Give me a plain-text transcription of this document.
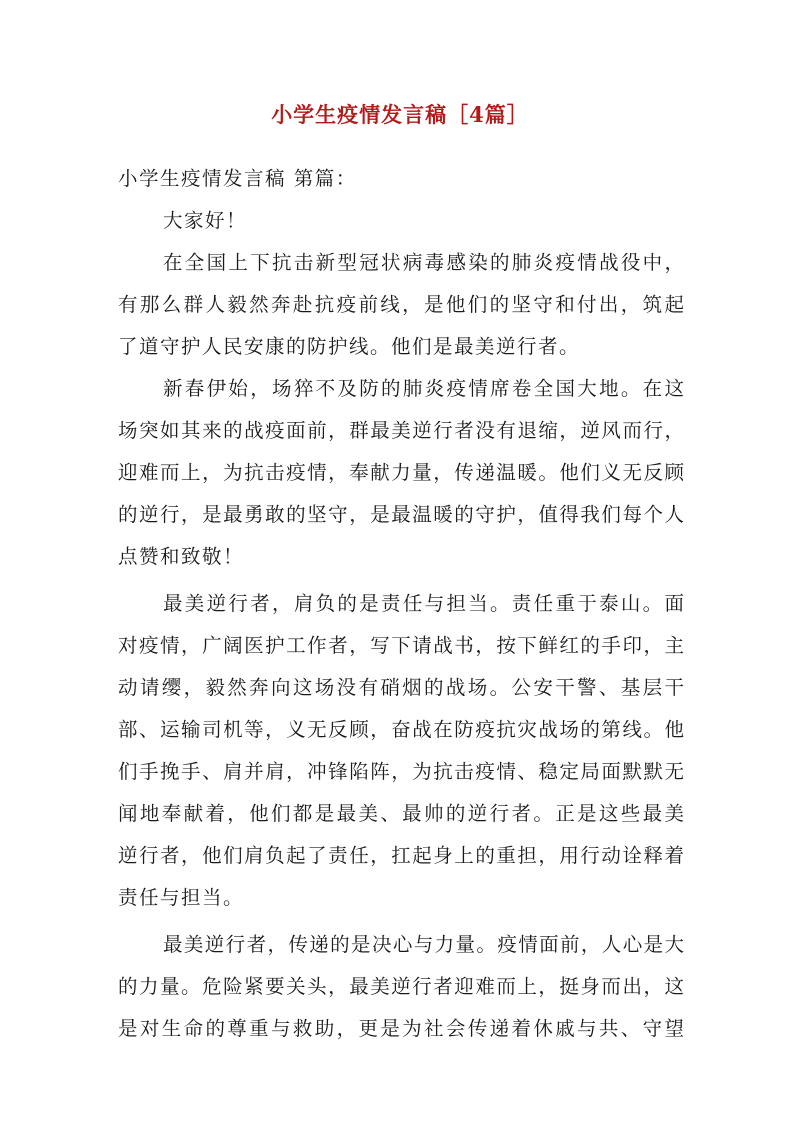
小学生疫情发言稿［4篇］
小学生疫情发言稿 第篇：
大家好！
在全国上下抗击新型冠状病毒感染的肺炎疫情战役中，
有那么群人毅然奔赴抗疫前线，是他们的坚守和付出，筑起
了道守护人民安康的防护线。他们是最美逆行者。
新春伊始，场猝不及防的肺炎疫情席卷全国大地。在这
场突如其来的战疫面前，群最美逆行者没有退缩，逆风而行，
迎难而上，为抗击疫情，奉献力量，传递温暖。他们义无反顾
的逆行，是最勇敢的坚守，是最温暖的守护，值得我们每个人
点赞和致敬！
最美逆行者，肩负的是责任与担当。责任重于泰山。面
对疫情，广阔医护工作者，写下请战书，按下鲜红的手印，主
动请缨，毅然奔向这场没有硝烟的战场。公安干警、基层干
部、运输司机等，义无反顾，奋战在防疫抗灾战场的第线。他
们手挽手、肩并肩，冲锋陷阵，为抗击疫情、稳定局面默默无
闻地奉献着，他们都是最美、最帅的逆行者。正是这些最美
逆行者，他们肩负起了责任，扛起身上的重担，用行动诠释着
责任与担当。
最美逆行者，传递的是决心与力量。疫情面前，人心是大
的力量。危险紧要关头，最美逆行者迎难而上，挺身而出，这
是对生命的尊重与救助，更是为社会传递着休戚与共、守望
